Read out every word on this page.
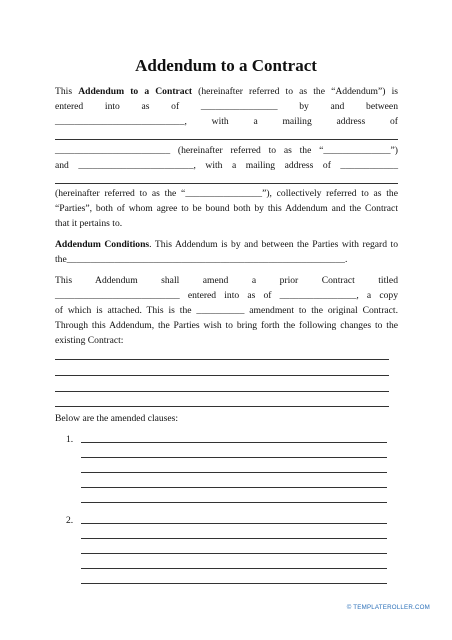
Addendum to a Contract
This Addendum to a Contract (hereinafter referred to as the “Addendum”) is
entered into as of ________________ by and between
___________________________, with a mailing address of
________________________ (hereinafter referred to as the “______________”)
and ________________________, with a mailing address of ____________
(hereinafter referred to as the “________________”), collectively referred to as the
“Parties”, both of whom agree to be bound both by this Addendum and the Contract
that it pertains to.
Addendum Conditions. This Addendum is by and between the Parties with regard to
the__________________________________________________________.
This Addendum shall amend a prior Contract titled
__________________________ entered into as of ________________, a copy
of which is attached. This is the __________ amendment to the original Contract.
Through this Addendum, the Parties wish to bring forth the following changes to the
existing Contract:
Below are the amended clauses:
1.
2.
© TEMPLATEROLLER.COM
